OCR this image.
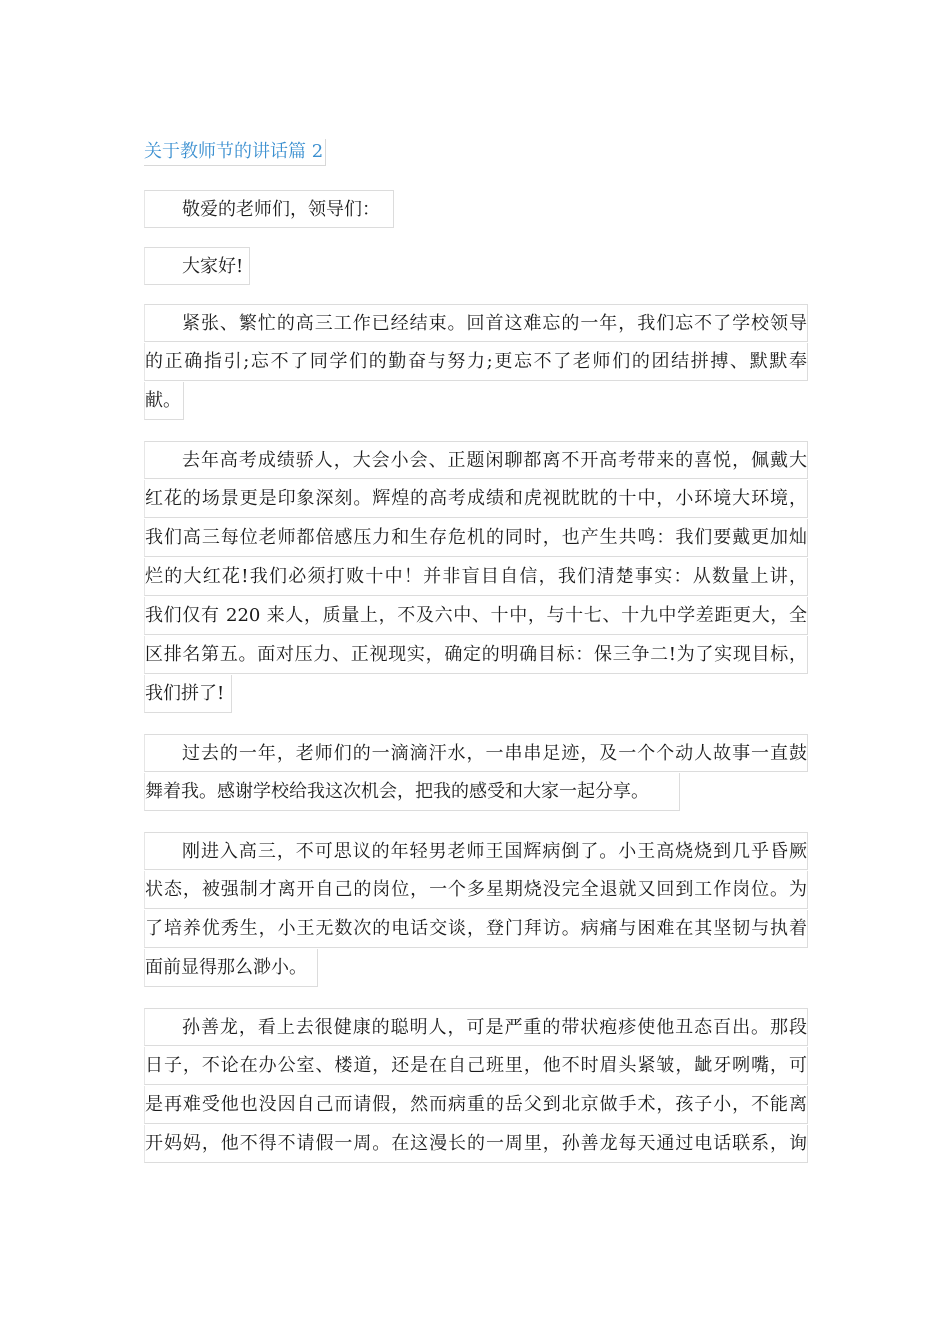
关于教师节的讲话篇 2
敬爱的老师们，领导们：
大家好!
紧张、繁忙的高三工作已经结束。回首这难忘的一年，我们忘不了学校领导
的正确指引;忘不了同学们的勤奋与努力;更忘不了老师们的团结拼搏、默默奉
献。
去年高考成绩骄人，大会小会、正题闲聊都离不开高考带来的喜悦，佩戴大
红花的场景更是印象深刻。辉煌的高考成绩和虎视眈眈的十中，小环境大环境，
我们高三每位老师都倍感压力和生存危机的同时，也产生共鸣：我们要戴更加灿
烂的大红花!我们必须打败十中！并非盲目自信，我们清楚事实：从数量上讲，
我们仅有 220 来人，质量上，不及六中、十中，与十七、十九中学差距更大，全
区排名第五。面对压力、正视现实，确定的明确目标：保三争二!为了实现目标，
我们拼了!
过去的一年，老师们的一滴滴汗水，一串串足迹，及一个个动人故事一直鼓
舞着我。感谢学校给我这次机会，把我的感受和大家一起分享。
刚进入高三，不可思议的年轻男老师王国辉病倒了。小王高烧烧到几乎昏厥
状态，被强制才离开自己的岗位，一个多星期烧没完全退就又回到工作岗位。为
了培养优秀生，小王无数次的电话交谈，登门拜访。病痛与困难在其坚韧与执着
面前显得那么渺小。
孙善龙，看上去很健康的聪明人，可是严重的带状疱疹使他丑态百出。那段
日子，不论在办公室、楼道，还是在自己班里，他不时眉头紧皱，龇牙咧嘴，可
是再难受他也没因自己而请假，然而病重的岳父到北京做手术，孩子小，不能离
开妈妈，他不得不请假一周。在这漫长的一周里，孙善龙每天通过电话联系，询
